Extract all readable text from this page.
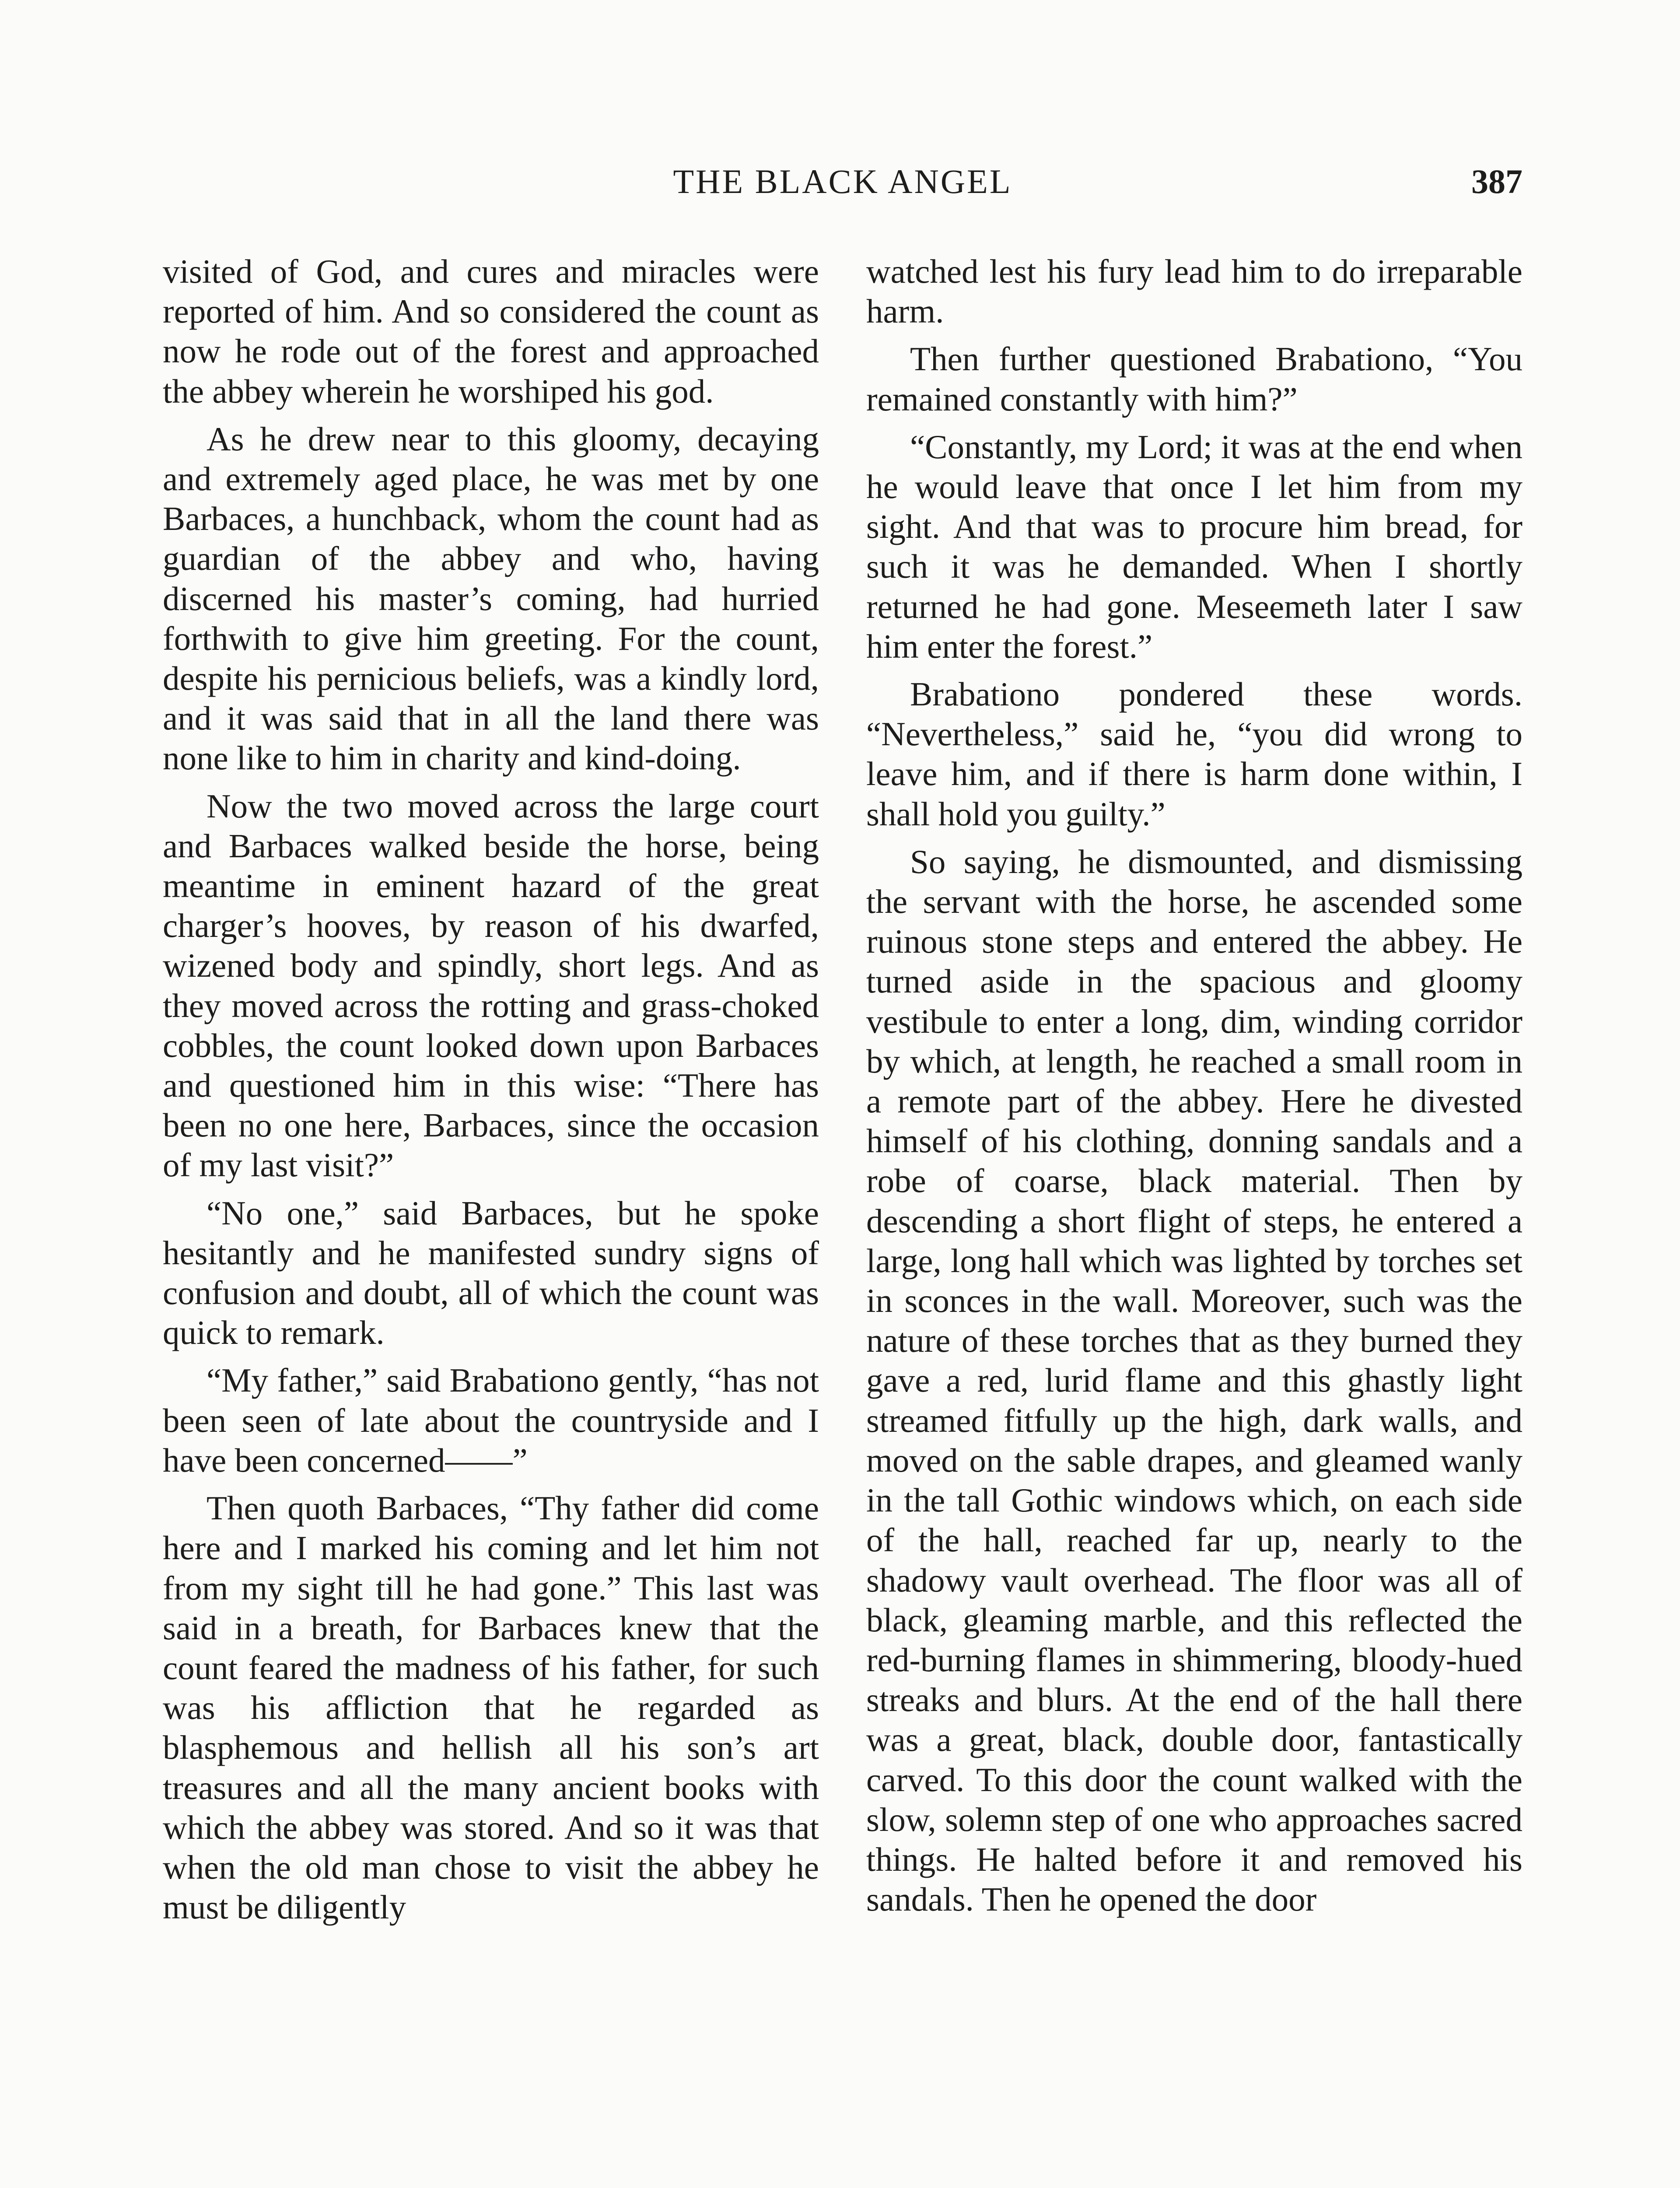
THE BLACK ANGEL	387

visited of God, and cures and miracles were reported of him. And so considered the count as now he rode out of the forest and approached the abbey wherein he worshiped his god.

As he drew near to this gloomy, decaying and extremely aged place, he was met by one Barbaces, a hunchback, whom the count had as guardian of the abbey and who, having discerned his master’s coming, had hurried forthwith to give him greeting. For the count, despite his pernicious beliefs, was a kindly lord, and it was said that in all the land there was none like to him in charity and kind-doing.

Now the two moved across the large court and Barbaces walked beside the horse, being meantime in eminent hazard of the great charger’s hooves, by reason of his dwarfed, wizened body and spindly, short legs. And as they moved across the rotting and grass-choked cobbles, the count looked down upon Barbaces and questioned him in this wise: “There has been no one here, Barbaces, since the occasion of my last visit?”

“No one,” said Barbaces, but he spoke hesitantly and he manifested sundry signs of confusion and doubt, all of which the count was quick to remark.

“My father,” said Brabationo gently, “has not been seen of late about the countryside and I have been concerned——”

Then quoth Barbaces, “Thy father did come here and I marked his coming and let him not from my sight till he had gone.” This last was said in a breath, for Barbaces knew that the count feared the madness of his father, for such was his affliction that he regarded as blasphemous and hellish all his son’s art treasures and all the many ancient books with which the abbey was stored. And so it was that when the old man chose to visit the abbey he must be diligently

watched lest his fury lead him to do irreparable harm.

Then further questioned Brabationo, “You remained constantly with him?”

“Constantly, my Lord; it was at the end when he would leave that once I let him from my sight. And that was to procure him bread, for such it was he demanded. When I shortly returned he had gone. Meseemeth later I saw him enter the forest.”

Brabationo pondered these words. “Nevertheless,” said he, “you did wrong to leave him, and if there is harm done within, I shall hold you guilty.”

So saying, he dismounted, and dismissing the servant with the horse, he ascended some ruinous stone steps and entered the abbey. He turned aside in the spacious and gloomy vestibule to enter a long, dim, winding corridor by which, at length, he reached a small room in a remote part of the abbey. Here he divested himself of his clothing, donning sandals and a robe of coarse, black material. Then by descending a short flight of steps, he entered a large, long hall which was lighted by torches set in sconces in the wall. Moreover, such was the nature of these torches that as they burned they gave a red, lurid flame and this ghastly light streamed fitfully up the high, dark walls, and moved on the sable drapes, and gleamed wanly in the tall Gothic windows which, on each side of the hall, reached far up, nearly to the shadowy vault overhead. The floor was all of black, gleaming marble, and this reflected the red-burning flames in shimmering, bloody-hued streaks and blurs. At the end of the hall there was a great, black, double door, fantastically carved. To this door the count walked with the slow, solemn step of one who approaches sacred things. He halted before it and removed his sandals. Then he opened the door
